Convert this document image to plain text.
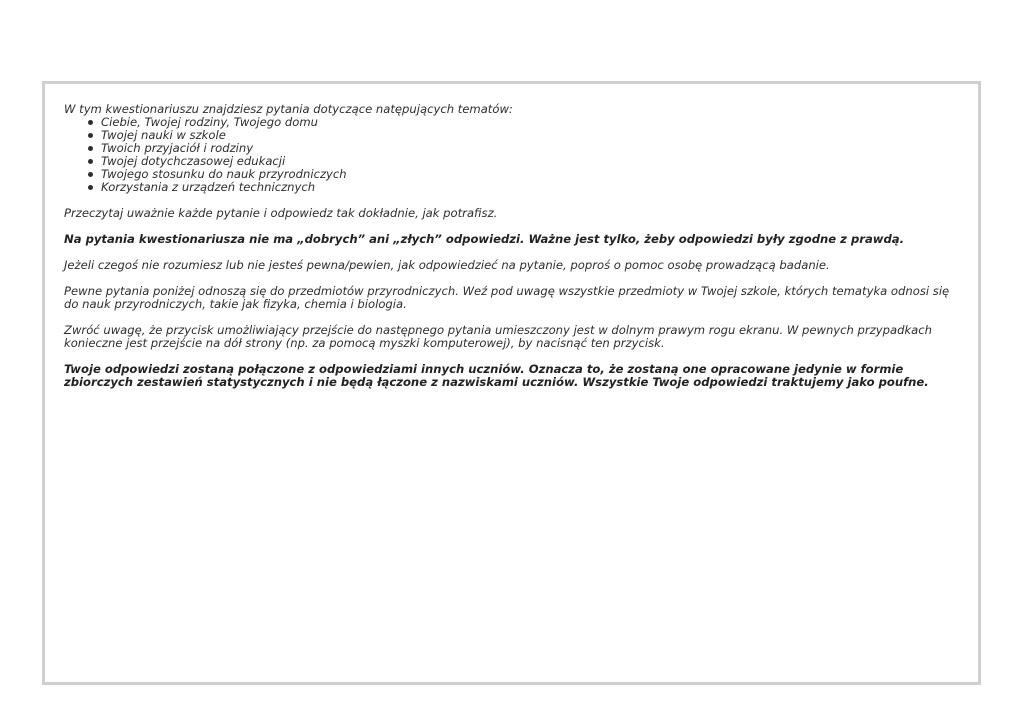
W tym kwestionariuszu znajdziesz pytania dotyczące natępujących tematów:

Ciebie, Twojej rodziny, Twojego domu
Twojej nauki w szkole
Twoich przyjaciół i rodziny
Twojej dotychczasowej edukacji
Twojego stosunku do nauk przyrodniczych
Korzystania z urządzeń technicznych

Przeczytaj uważnie każde pytanie i odpowiedz tak dokładnie, jak potrafisz.

Na pytania kwestionariusza nie ma „dobrych” ani „złych” odpowiedzi. Ważne jest tylko, żeby odpowiedzi były zgodne z prawdą.

Jeżeli czegoś nie rozumiesz lub nie jesteś pewna/pewien, jak odpowiedzieć na pytanie, poproś o pomoc osobę prowadzącą badanie.

Pewne pytania poniżej odnoszą się do przedmiotów przyrodniczych. Weź pod uwagę wszystkie przedmioty w Twojej szkole, których tematyka odnosi się do nauk przyrodniczych, takie jak fizyka, chemia i biologia.

Zwróć uwagę, że przycisk umożliwiający przejście do następnego pytania umieszczony jest w dolnym prawym rogu ekranu. W pewnych przypadkach konieczne jest przejście na dół strony (np. za pomocą myszki komputerowej), by nacisnąć ten przycisk.

Twoje odpowiedzi zostaną połączone z odpowiedziami innych uczniów. Oznacza to, że zostaną one opracowane jedynie w formie zbiorczych zestawień statystycznych i nie będą łączone z nazwiskami uczniów. Wszystkie Twoje odpowiedzi traktujemy jako poufne.
